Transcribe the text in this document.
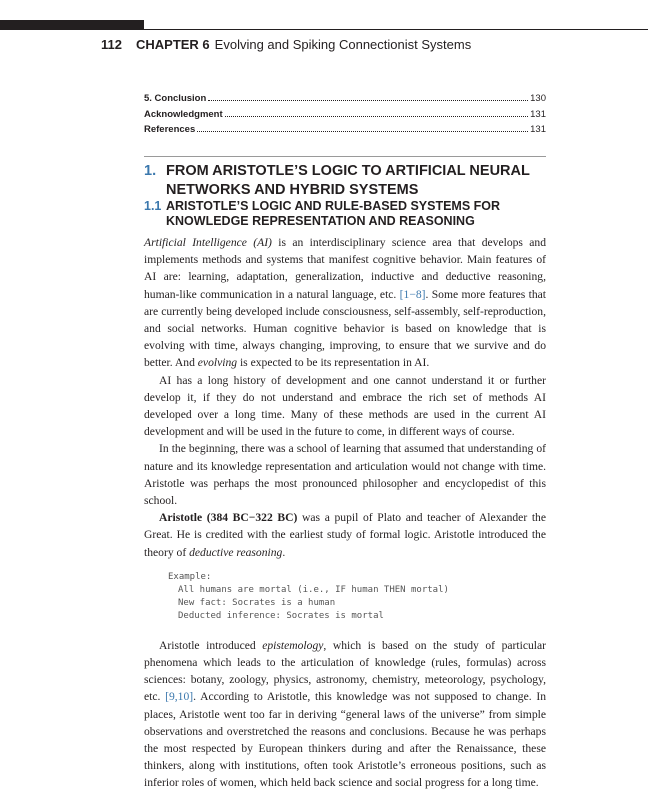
112 CHAPTER 6 Evolving and Spiking Connectionist Systems
5. Conclusion	130
Acknowledgment	131
References	131
1. FROM ARISTOTLE’S LOGIC TO ARTIFICIAL NEURAL
NETWORKS AND HYBRID SYSTEMS
1.1 ARISTOTLE’S LOGIC AND RULE-BASED SYSTEMS FOR
KNOWLEDGE REPRESENTATION AND REASONING

Artificial Intelligence (AI) is an interdisciplinary science area that develops and implements methods and systems that manifest cognitive behavior. Main features of AI are: learning, adaptation, generalization, inductive and deductive reasoning, human-like communication in a natural language, etc. [1−8]. Some more features that are currently being developed include consciousness, self-assembly, self-reproduction, and social networks. Human cognitive behavior is based on knowledge that is evolving with time, always changing, improving, to ensure that we survive and do better. And evolving is expected to be its representation in AI.

AI has a long history of development and one cannot understand it or further develop it, if they do not understand and embrace the rich set of methods AI developed over a long time. Many of these methods are used in the current AI development and will be used in the future to come, in different ways of course.

In the beginning, there was a school of learning that assumed that understanding of nature and its knowledge representation and articulation would not change with time. Aristotle was perhaps the most pronounced philosopher and encyclopedist of this school.

Aristotle (384 BC−322 BC) was a pupil of Plato and teacher of Alexander the Great. He is credited with the earliest study of formal logic. Aristotle introduced the theory of deductive reasoning.

Example:
All humans are mortal (i.e., IF human THEN mortal)
New fact: Socrates is a human
Deducted inference: Socrates is mortal

Aristotle introduced epistemology, which is based on the study of particular phenomena which leads to the articulation of knowledge (rules, formulas) across sciences: botany, zoology, physics, astronomy, chemistry, meteorology, psychology, etc. [9,10]. According to Aristotle, this knowledge was not supposed to change. In places, Aristotle went too far in deriving “general laws of the universe” from simple observations and overstretched the reasons and conclusions. Because he was perhaps the most respected by European thinkers during and after the Renaissance, these thinkers, along with institutions, often took Aristotle’s erroneous positions, such as inferior roles of women, which held back science and social progress for a long time.
